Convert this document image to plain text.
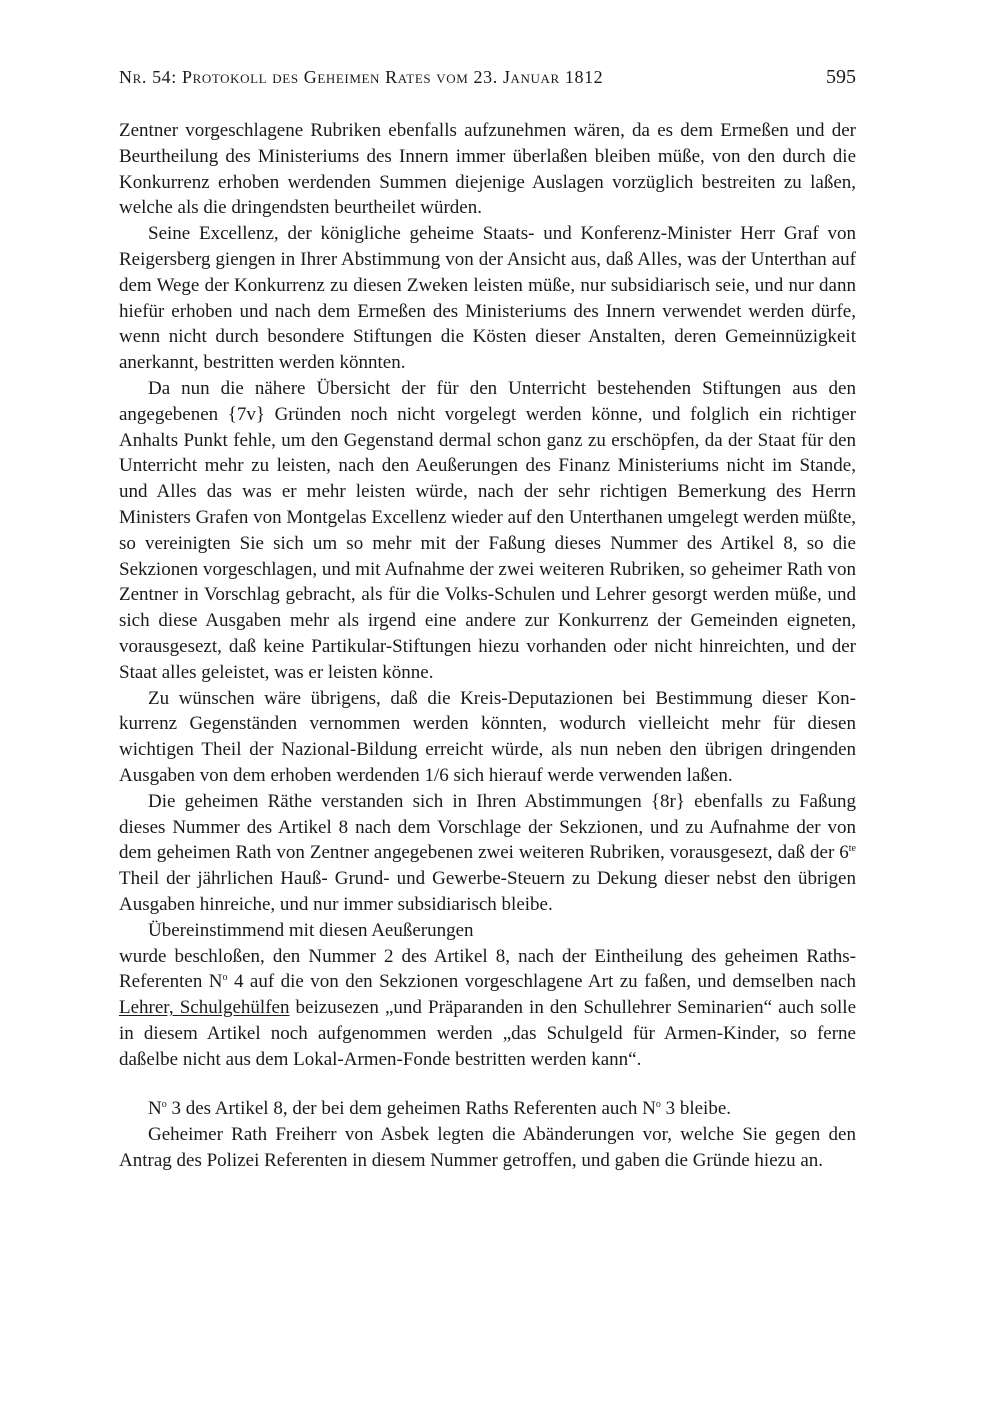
Nr. 54: Protokoll des Geheimen Rates vom 23. Januar 1812	595

Zentner vorgeschlagene Rubriken ebenfalls aufzunehmen wären, da es dem Ermeßen und der Beurtheilung des Ministeriums des Innern immer überlaßen bleiben müße, von den durch die Konkurrenz erhoben werdenden Summen diejenige Auslagen vorzüglich bestreiten zu laßen, welche als die dringendsten beurtheilet würden.

Seine Excellenz, der königliche geheime Staats- und Konferenz-Minister Herr Graf von Reigersberg giengen in Ihrer Abstimmung von der Ansicht aus, daß Alles, was der Unterthan auf dem Wege der Konkurrenz zu diesen Zweken leisten müße, nur subsidiarisch seie, und nur dann hiefür erhoben und nach dem Ermeßen des Ministeriums des Innern verwendet werden dürfe, wenn nicht durch besondere Stiftungen die Kösten dieser Anstalten, deren Gemeinnüzigkeit anerkannt, bestritten werden könnten.

Da nun die nähere Übersicht der für den Unterricht bestehenden Stiftungen aus den angegebenen {7v} Gründen noch nicht vorgelegt werden könne, und folglich ein richtiger Anhalts Punkt fehle, um den Gegenstand dermal schon ganz zu erschöpfen, da der Staat für den Unterricht mehr zu leisten, nach den Aeußerungen des Finanz Ministeriums nicht im Stande, und Alles das was er mehr leisten würde, nach der sehr richtigen Bemerkung des Herrn Ministers Grafen von Montgelas Excellenz wieder auf den Unterthanen umgelegt werden müßte, so vereinigten Sie sich um so mehr mit der Faßung dieses Nummer des Artikel 8, so die Sekzionen vorgeschlagen, und mit Aufnahme der zwei weiteren Rubriken, so geheimer Rath von Zentner in Vorschlag gebracht, als für die Volks-Schulen und Lehrer gesorgt werden müße, und sich diese Ausgaben mehr als irgend eine andere zur Konkurrenz der Gemeinden eigneten, vorausgesezt, daß keine Partikular-Stiftungen hiezu vorhanden oder nicht hinreichten, und der Staat alles geleistet, was er leisten könne.

Zu wünschen wäre übrigens, daß die Kreis-Deputazionen bei Bestimmung dieser Konkurrenz Gegenständen vernommen werden könnten, wodurch vielleicht mehr für diesen wichtigen Theil der Nazional-Bildung erreicht würde, als nun neben den übrigen dringenden Ausgaben von dem erhoben werdenden 1/6 sich hierauf werde verwenden laßen.

Die geheimen Räthe verstanden sich in Ihren Abstimmungen {8r} ebenfalls zu Faßung dieses Nummer des Artikel 8 nach dem Vorschlage der Sekzionen, und zu Aufnahme der von dem geheimen Rath von Zentner angegebenen zwei weiteren Rubriken, vorausgesezt, daß der $6^{te}$ Theil der jährlichen Hauß- Grund- und Gewerbe-Steuern zu Dekung dieser nebst den übrigen Ausgaben hinreiche, und nur immer subsidiarisch bleibe.

Übereinstimmend mit diesen Aeußerungen

wurde beschloßen, den Nummer 2 des Artikel 8, nach der Eintheilung des geheimen Raths-Referenten $N^o$ 4 auf die von den Sekzionen vorgeschlagene Art zu faßen, und demselben nach Lehrer, Schulgehülfen beizusezen „und Präparanden in den Schullehrer Seminarien“ auch solle in diesem Artikel noch aufgenommen werden „das Schulgeld für Armen-Kinder, so ferne daßelbe nicht aus dem Lokal-Armen-Fonde bestritten werden kann“.

$N^o$ 3 des Artikel 8, der bei dem geheimen Raths Referenten auch $N^o$ 3 bleibe.

Geheimer Rath Freiherr von Asbek legten die Abänderungen vor, welche Sie gegen den Antrag des Polizei Referenten in diesem Nummer getroffen, und gaben die Gründe hiezu an.
